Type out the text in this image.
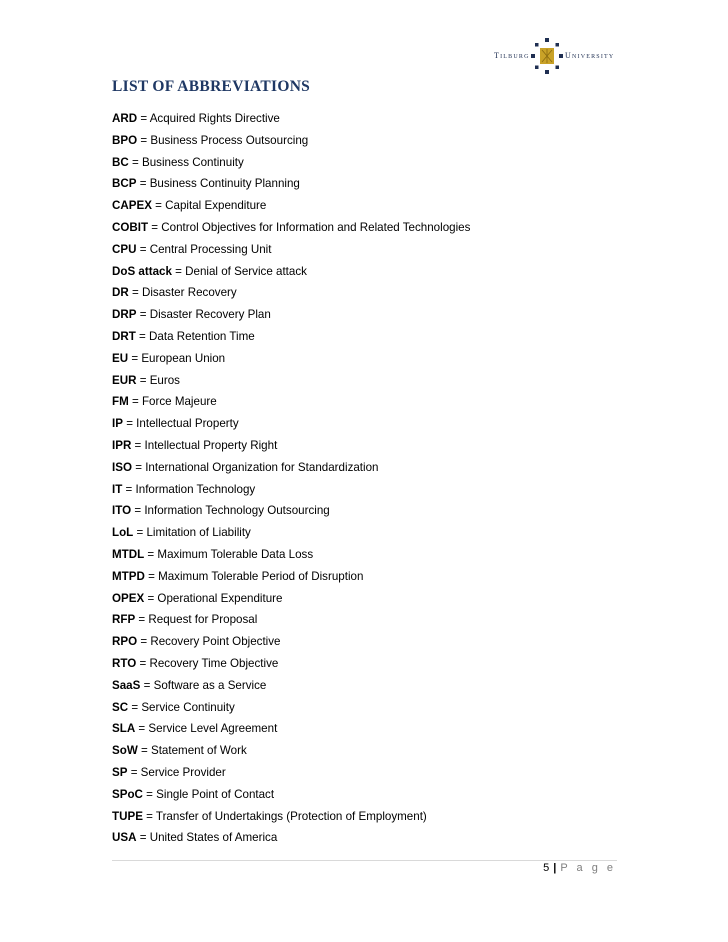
Tilburg	University
LIST OF ABBREVIATIONS
ARD = Acquired Rights Directive
BPO = Business Process Outsourcing
BC = Business Continuity
BCP = Business Continuity Planning
CAPEX = Capital Expenditure
COBIT = Control Objectives for Information and Related Technologies
CPU = Central Processing Unit
DoS attack = Denial of Service attack
DR = Disaster Recovery
DRP = Disaster Recovery Plan
DRT = Data Retention Time
EU = European Union
EUR = Euros
FM = Force Majeure
IP = Intellectual Property
IPR = Intellectual Property Right
ISO = International Organization for Standardization
IT = Information Technology
ITO = Information Technology Outsourcing
LoL = Limitation of Liability
MTDL = Maximum Tolerable Data Loss
MTPD = Maximum Tolerable Period of Disruption
OPEX = Operational Expenditure
RFP = Request for Proposal
RPO = Recovery Point Objective
RTO = Recovery Time Objective
SaaS = Software as a Service
SC = Service Continuity
SLA = Service Level Agreement
SoW = Statement of Work
SP = Service Provider
SPoC = Single Point of Contact
TUPE = Transfer of Undertakings (Protection of Employment)
USA = United States of America
5 | P a g e
